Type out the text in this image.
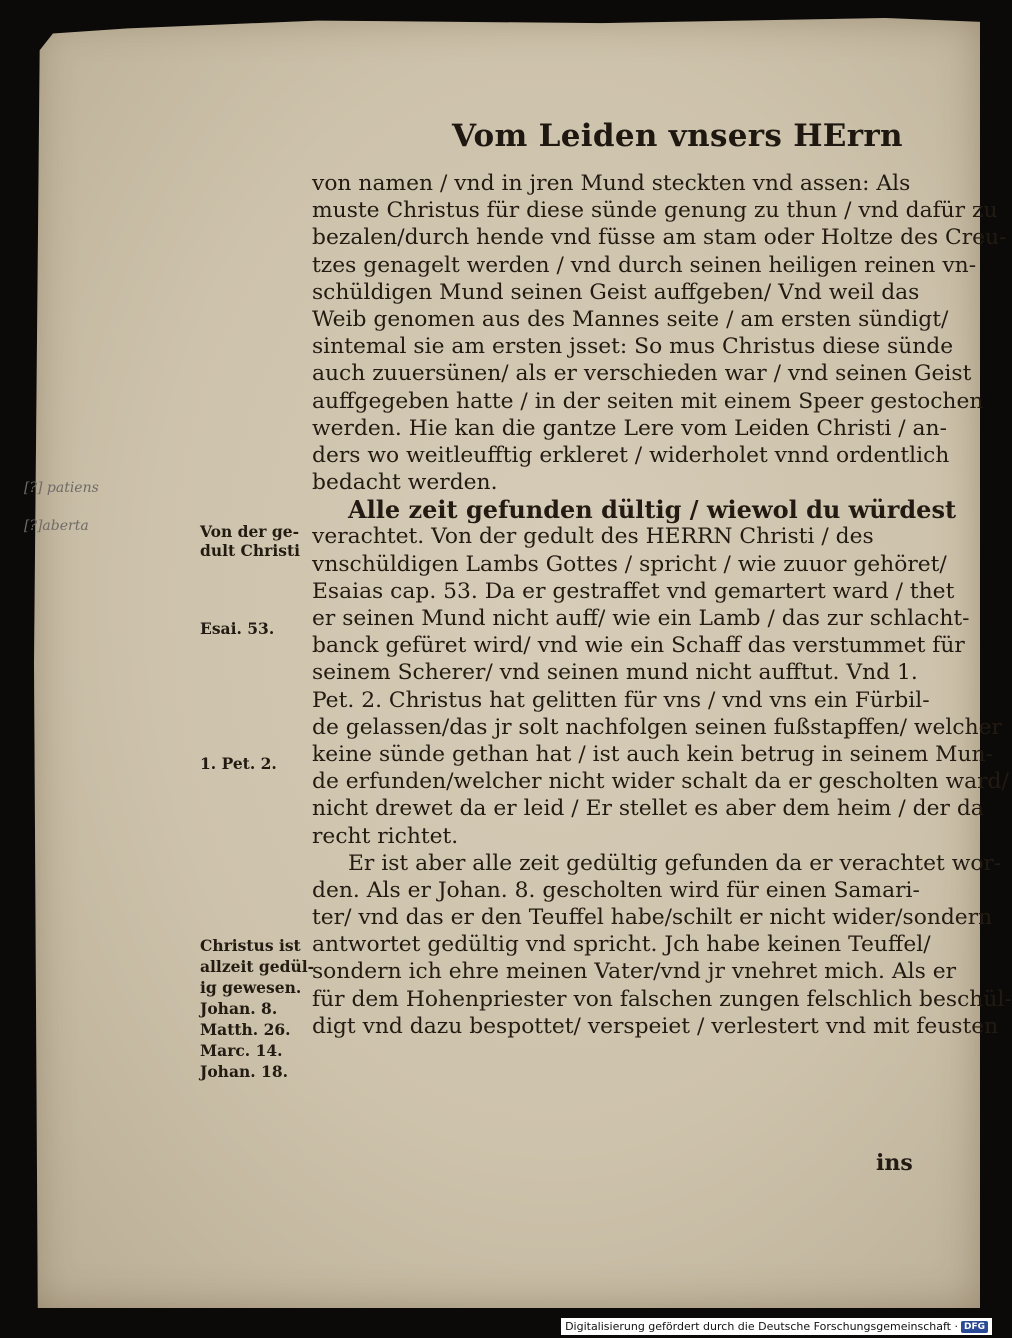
Vom Leiden vnsers HErrn
von namen / vnd in jren Mund steckten vnd assen: Als
muste Christus für diese sünde genung zu thun / vnd dafür zu
bezalen/durch hende vnd füsse am stam oder Holtze des Creu-
tzes genagelt werden / vnd durch seinen heiligen reinen vn-
schüldigen Mund seinen Geist auffgeben/ Vnd weil das
Weib genomen aus des Mannes seite / am ersten sündigt/
sintemal sie am ersten jsset: So mus Christus diese sünde
auch zuuersünen/ als er verschieden war / vnd seinen Geist
auffgegeben hatte / in der seiten mit einem Speer gestochen
werden. Hie kan die gantze Lere vom Leiden Christi / an-
ders wo weitleufftig erkleret / widerholet vnnd ordentlich
bedacht werden.
Alle zeit gefunden dültig / wiewol du würdest
verachtet. Von der gedult des HERRN Christi / des
vnschüldigen Lambs Gottes / spricht / wie zuuor gehöret/
Esaias cap. 53. Da er gestraffet vnd gemartert ward / thet
er seinen Mund nicht auff/ wie ein Lamb / das zur schlacht-
banck gefüret wird/ vnd wie ein Schaff das verstummet für
seinem Scherer/ vnd seinen mund nicht aufftut. Vnd 1.
Pet. 2. Christus hat gelitten für vns / vnd vns ein Fürbil-
de gelassen/das jr solt nachfolgen seinen fußstapffen/ welcher
keine sünde gethan hat / ist auch kein betrug in seinem Mun-
de erfunden/welcher nicht wider schalt da er gescholten ward/
nicht drewet da er leid / Er stellet es aber dem heim / der da
recht richtet.
Er ist aber alle zeit gedültig gefunden da er verachtet wor-
den. Als er Johan. 8. gescholten wird für einen Samari-
ter/ vnd das er den Teuffel habe/schilt er nicht wider/sondern
antwortet gedültig vnd spricht. Jch habe keinen Teuffel/
sondern ich ehre meinen Vater/vnd jr vnehret mich. Als er
für dem Hohenpriester von falschen zungen felschlich beschül-
digt vnd dazu bespottet/ verspeiet / verlestert vnd mit feusten
[?] patiens
[?]aberta	Von der ge-
dult Christi
Esai. 53.
1. Pet. 2.
Christus ist
allzeit gedül-
ig gewesen.
Johan. 8.
Matth. 26.
Marc. 14.
Johan. 18.
ins
Digitalisierung gefördert durch die Deutsche Forschungsgemeinschaft · DFG
